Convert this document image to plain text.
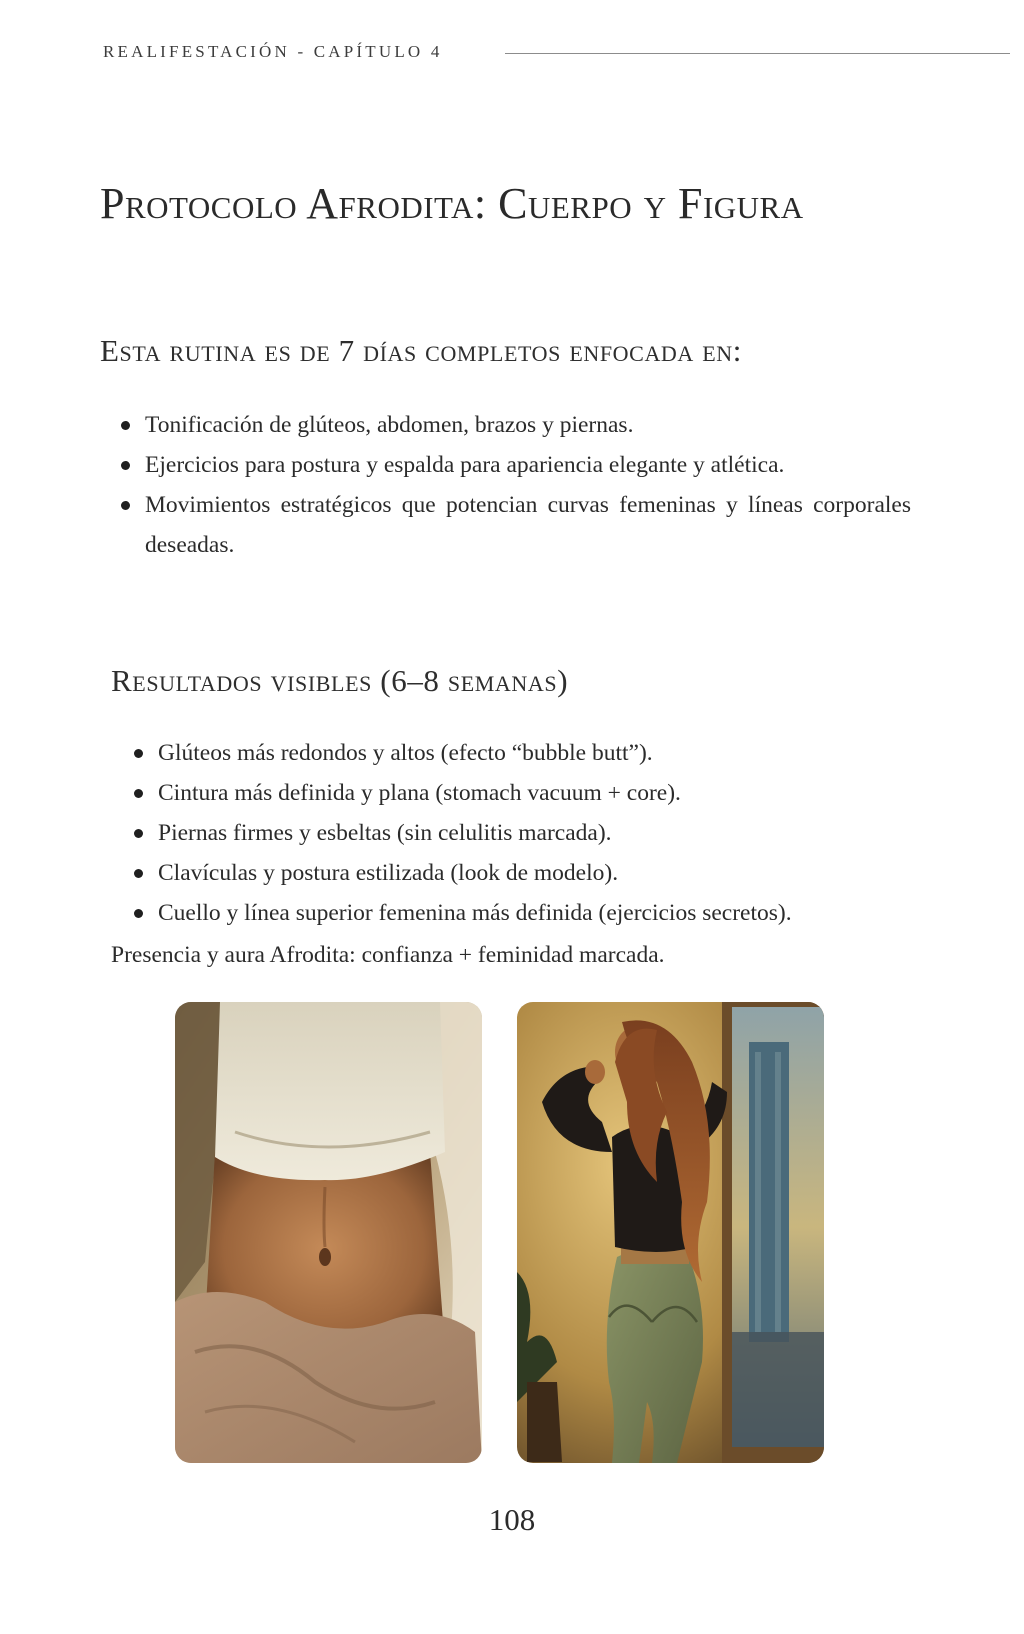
REALIFESTACIÓN - CAPÍTULO 4
Protocolo Afrodita: Cuerpo y Figura
Esta rutina es de 7 días completos enfocada en:
Tonificación de glúteos, abdomen, brazos y piernas.
Ejercicios para postura y espalda para apariencia elegante y atlética.
Movimientos estratégicos que potencian curvas femeninas y líneas corporales deseadas.
Resultados visibles (6–8 semanas)
Glúteos más redondos y altos (efecto “bubble butt”).
Cintura más definida y plana (stomach vacuum + core).
Piernas firmes y esbeltas (sin celulitis marcada).
Clavículas y postura estilizada (look de modelo).
Cuello y línea superior femenina más definida (ejercicios secretos).

Presencia y aura Afrodita: confianza + feminidad marcada.

108
